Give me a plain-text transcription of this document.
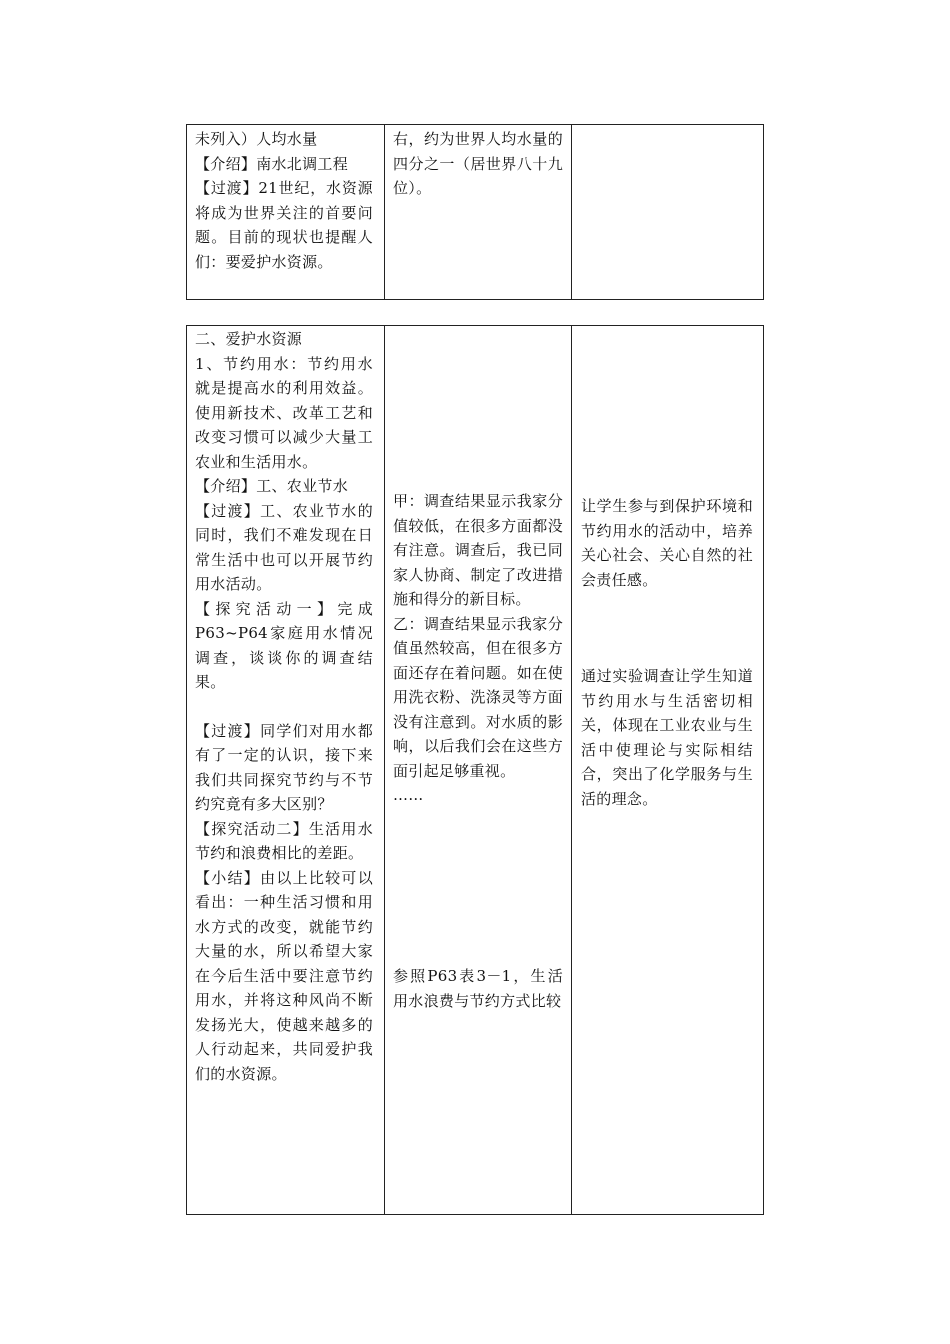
未列入）人均水量

【介绍】南水北调工程

【过渡】21世纪，水资源将成为世界关注的首要问题。目前的现状也提醒人们：要爱护水资源。

右，约为世界人均水量的四分之一（居世界八十九位）。

二、爱护水资源

1、节约用水：节约用水就是提高水的利用效益。使用新技术、改革工艺和改变习惯可以减少大量工农业和生活用水。

【介绍】工、农业节水

【过渡】工、农业节水的同时，我们不难发现在日常生活中也可以开展节约用水活动。

【探究活动一】完成P63~P64家庭用水情况调查，谈谈你的调查结果。

【过渡】同学们对用水都有了一定的认识，接下来我们共同探究节约与不节约究竟有多大区别？

【探究活动二】生活用水节约和浪费相比的差距。

【小结】由以上比较可以看出：一种生活习惯和用水方式的改变，就能节约大量的水，所以希望大家在今后生活中要注意节约用水，并将这种风尚不断发扬光大，使越来越多的人行动起来，共同爱护我们的水资源。

甲：调查结果显示我家分值较低，在很多方面都没有注意。调查后，我已同家人协商、制定了改进措施和得分的新目标。

乙：调查结果显示我家分值虽然较高，但在很多方面还存在着问题。如在使用洗衣粉、洗涤灵等方面没有注意到。对水质的影响，以后我们会在这些方面引起足够重视。

……

参照P63表3－1，生活用水浪费与节约方式比较

让学生参与到保护环境和节约用水的活动中，培养关心社会、关心自然的社会责任感。

通过实验调查让学生知道节约用水与生活密切相关，体现在工业农业与生活中使理论与实际相结合，突出了化学服务与生活的理念。
